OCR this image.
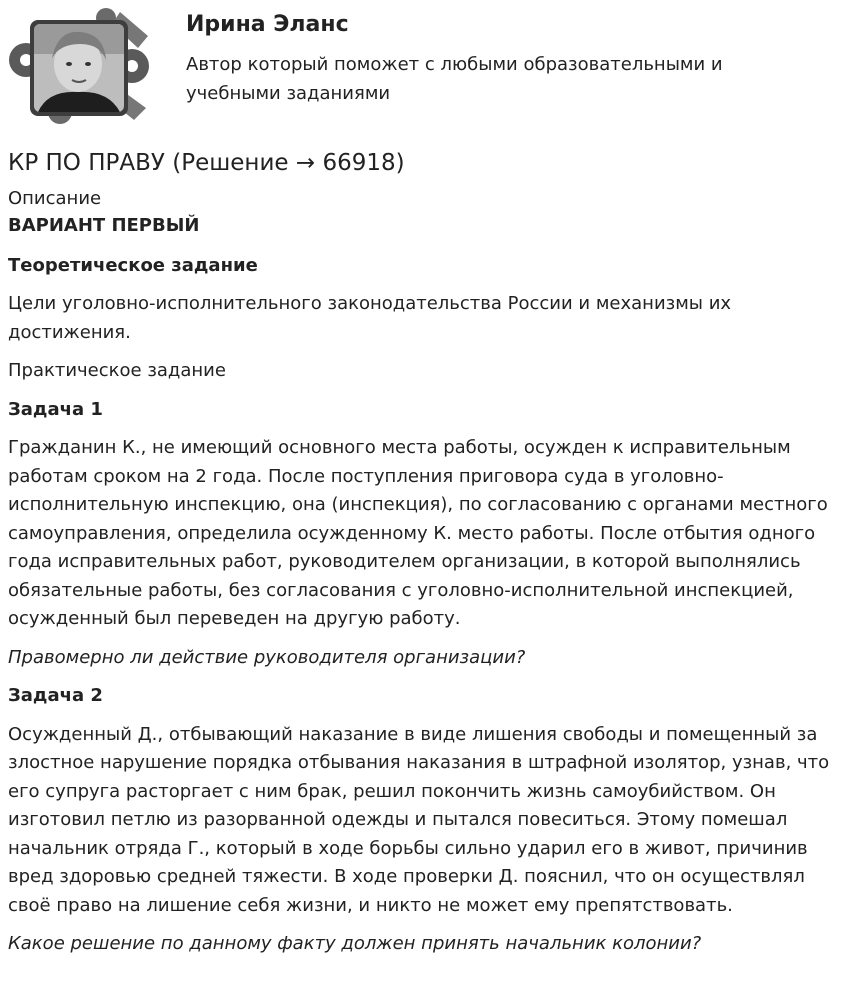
Ирина Эланс
Автор который поможет с любыми образовательными и учебными заданиями
КР ПО ПРАВУ (Решение → 66918)
Описание

ВАРИАНТ ПЕРВЫЙ

Теоретическое задание

Цели уголовно-исполнительного законодательства России и механизмы их достижения.

Практическое задание

Задача 1

Гражданин К., не имеющий основного места работы, осужден к исправительным работам сроком на 2 года. После поступления приговора суда в уголовно-исполнительную инспекцию, она (инспекция), по согласованию с органами местного самоуправления, определила осужденному К. место работы. После отбытия одного года исправительных работ, руководителем организации, в которой выполнялись обязательные работы, без согласования с уголовно-исполнительной инспекцией, осужденный был переведен на другую работу.

Правомерно ли действие руководителя организации?

Задача 2

Осужденный Д., отбывающий наказание в виде лишения свободы и помещенный за злостное нарушение порядка отбывания наказания в штрафной изолятор, узнав, что его супруга расторгает с ним брак, решил покончить жизнь самоубийством. Он изготовил петлю из разорванной одежды и пытался повеситься. Этому помешал начальник отряда Г., который в ходе борьбы сильно ударил его в живот, причинив вред здоровью средней тяжести. В ходе проверки Д. пояснил, что он осуществлял своё право на лишение себя жизни, и никто не может ему препятствовать.

Какое решение по данному факту должен принять начальник колонии?
